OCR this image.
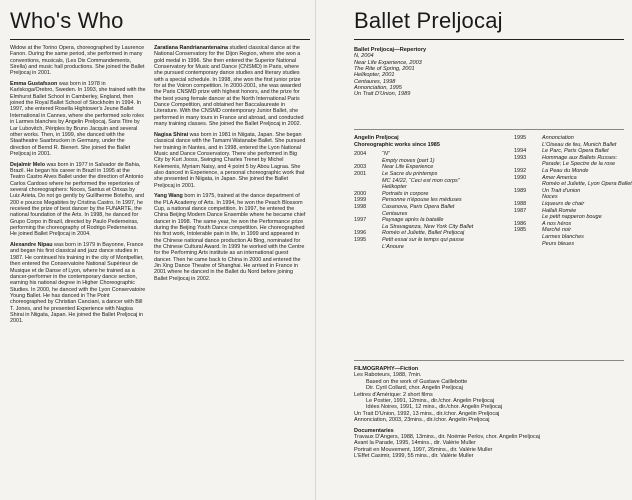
Who's Who

Widow at the Torino Opera, choreographed by Laurence Fanon. During the same period, she performed in many conventions, musicals, (Les Dix Commandements, Sirella) and music hall productions. She joined the Ballet Preljocaj in 2001.

Emma Gustafsson was born in 1978 in Karlskoga/Orebro, Sweden. In 1993, she trained with the Elmhurst Ballet School in Camberley, England, then joined the Royal Ballet School of Stockholm in 1994. In 1997, she entered Rosella Hightower's Jeune Ballet International in Cannes, where she performed solo roles in Larmes blanches by Angelin Preljocaj, Sans Titre by Lar Lubovitch, Périples by Bruno Jacquin and several other works. Then, in 1999, she danced with the Staatheatre Saarbrucken in Germany, under the direction of Bernd R. Bienert. She joined the Ballet Preljocaj in 2001.

Dejalmir Melo was born in 1977 in Salvador de Bahia, Brazil. He began his career in Brazil in 1995 at the Teatro Castro Alves Ballet under the direction of Antonio Carlos Cardoso where he performed the repertories of several choreographers: Noces, Santus et Orixas by Luiz Arieta, Do not go gently by Guillherme Botelho, and 200 e poucos Megabites by Cristina Castro. In 1997, he received the prize of best dancer by the FUNARTE, the national foundation of the Arts. In 1998, he danced for Grupo Corpo in Brazil, directed by Paulo Pederneiras, performing the choreography of Rodrigo Pederneiras. He joined Ballet Preljocaj in 2004.

Alexandre Nipau was born in 1979 in Bayonne, France and began his first classical and jazz dance studies in 1987. He continued his training in the city of Montpellier, then entered the Conservatoire National Supérieur de Musique et de Danse of Lyon, where he trained as a dancer-performer in the contemporary dance section, earning his national degree in Higher Choreographic Studies. In 2000, he danced with the Lyon Conservatoire Young Ballet. He has danced in The Point choreographed by Christian Canciani, a dancer with Bill T. Jones, and he presented Experience with Nagisa Shirai in Niigata, Japan. He joined the Ballet Preljocaj in 2001.

Zaratiana Randrianantenaina studied classical dance at the National Conservatory for the Dijon Region, where she won a gold medal in 1996. She then entered the Superior National Conservatory for Music and Dance (CNSMD) in Paris, where she pursued contemporary dance studies and literary studies with a special schedule. In 1998, she won the first junior prize for at the Voiron competition. In 2000-2001, she was awarded the Paris CNSMD prize with highest honors, and the prize for the best young female dancer at the North International Paris Dance Competition, and obtained her Baccalaureate in Literature. With the CNSMD contemporary Junior Ballet, she performed in many tours in France and abroad, and conducted many training classes. She joined the Ballet Preljocaj in 2002.

Nagisa Shirai was born in 1981 in Niigata, Japan. She began classical dance with the Tamami Watanabe Ballet. She pursued her training in Nantes, and in 1998, entered the Lyon National Music and Dance Conservatory. There she performed in Big City by Kurt Jooss, Swinging Charles Trenet by Michel Kelemenis, Myriam Naisy, and 4 point 5 by Abou Lagraa. She also danced in Experience, a personal choreographic work that she presented in Niigata, in Japan. She joined the Ballet Preljocaj in 2001.

Yang Wang born in 1975, trained at the dance department of the PLA Academy of Arts. In 1994, he won the Peach Blossom Cup, a national dance competition. In 1997, he entered the China Beijing Modern Dance Ensemble where he became chief dancer in 1998. The same year, he won the Performance prize during the Beijing Youth Dance competition. He choreographed his first work, Intolerable pain in life, in 1999 and appeared in the Chinese national dance production Ai Bing, nominated for the Chinese Cultural Award. In 1999 he worked with the Centre for the Performing Arts institute as an international guest dancer. Then he came back to China in 2000 and entered the Jin Xing Dance Theatre of Shanghai. He arrived in France in 2001 where he danced in the Ballet du Nord before joining Ballet Preljocaj in 2002.

Ballet Preljocaj
Ballet Preljocaj—Repertory
N, 2004
Near Life Experience, 2003
The Rite of Spring, 2001
Helikopter, 2001
Centaures, 1998
Annonciation, 1995
Un Trait D'Union, 1989
Angelin Preljocaj
Choreographic works since 1985
2004	“N”
Empty moves (part 1)
2003	Near Life Experience
2001	Le Sacre du printemps
MC 14/22, “Ceci est mon corps”
Helikopter
2000	Portraits in corpore
1999	Personne n'épouse les méduses
1998	Casanova, Paris Opera Ballet
Centaures
1997	Paysage après la bataille
La Stravaganza, New York City Ballet
1996	Roméo et Juliette, Ballet Preljocaj
1995	Petit essai sur le temps qui passe
L'Anoure
1995	Annonciation
L'Oiseau de feu, Munich Ballet
1994	Le Parc, Paris Opera Ballet
1993	Hommage aux Ballets Russes:
Parade; Le Spectre de la rose
1992	La Peau du Monde
1990	Amer America
Roméo et Juliette, Lyon Opera Ballet
1989	Un Trait d'union
Noces
1988	Liqueurs de chair
1987	Hallali Romée
Le petit napperon bouge
1986	A nos héros
1985	Marché noir
Larmes blanches
Peurs bleues
FILMOGRAPHY—Fiction
Les Raboteurs, 1988, 7min.
Based on the work of Gustave Caillebotte
Dir. Cyril Collard, chor. Angelin Preljocaj
Lettres d'Amérique: 2 short films
Le Postier, 1991, 12mins., dir./chor. Angelin Preljocaj
Idées Noires, 1991, 12 mins., dir./chor. Angelin Preljocaj
Un Trait D'Union, 1992, 13 mins., dir./chor. Angelin Preljocaj
Annonciation, 2003, 23mins., dir./chor. Angelin Preljocaj
Documentaries
Travaux D'Angers, 1988, 13mins., dir. Noémie Perlov, chor. Angelin Preljocaj
Avant la Parade, 1995, 14mins., dir. Valérie Muller
Portrait en Mouvement, 1997, 26mins., dir. Valérie Muller
L'Effet Casimir, 1999, 55 mins., dir. Valérie Muller
